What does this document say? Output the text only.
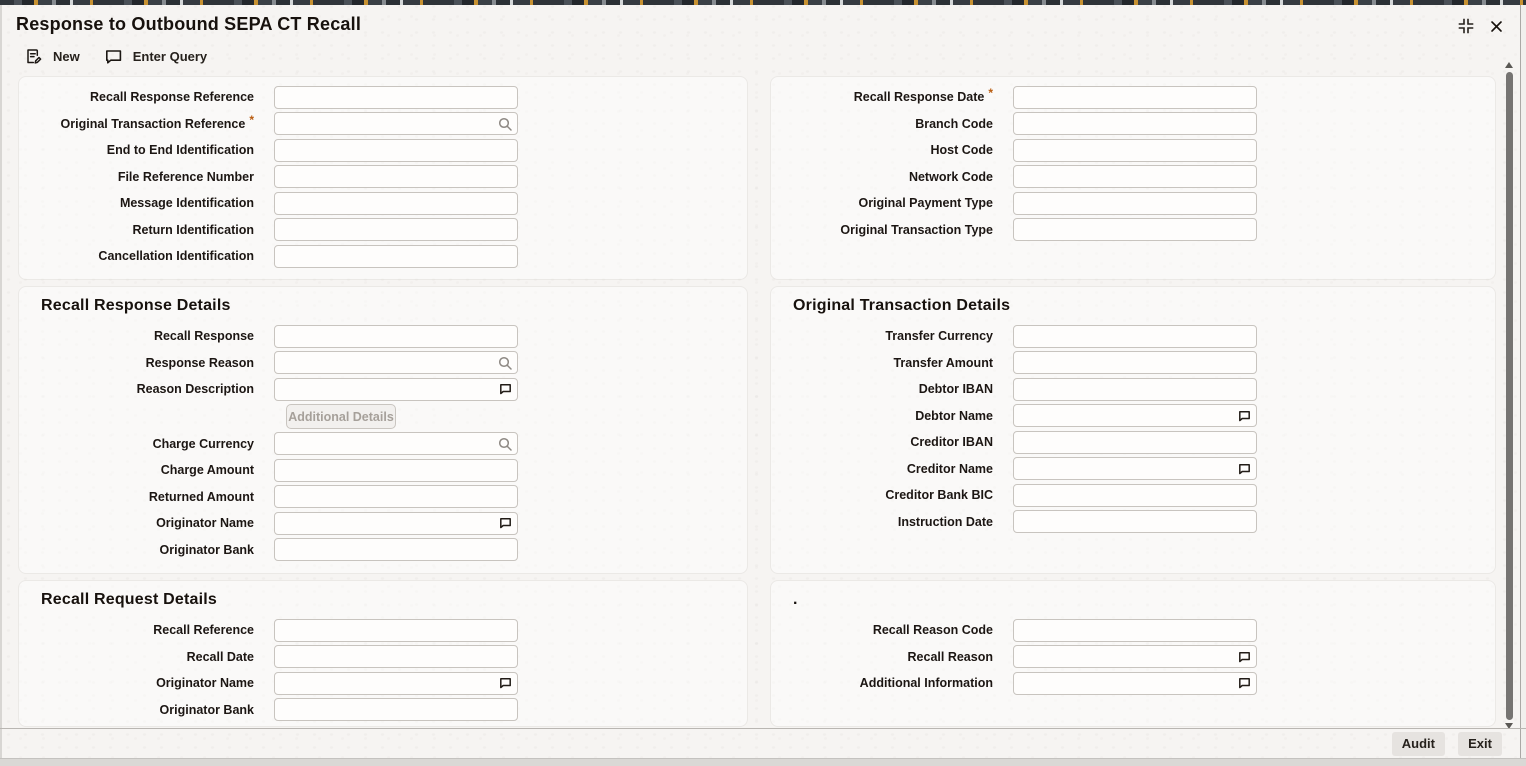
Response to Outbound SEPA CT Recall
New	Enter Query
Recall Response Reference
Original Transaction Reference *
End to End Identification
File Reference Number
Message Identification
Return Identification
Cancellation Identification
Recall Response Date *
Branch Code
Host Code
Network Code
Original Payment Type
Original Transaction Type
Recall Response Details
Recall Response
Response Reason
Reason Description
Additional Details
Charge Currency
Charge Amount
Returned Amount
Originator Name
Originator Bank
Original Transaction Details
Transfer Currency
Transfer Amount
Debtor IBAN
Debtor Name
Creditor IBAN
Creditor Name
Creditor Bank BIC
Instruction Date
Recall Request Details
Recall Reference
Recall Date
Originator Name
Originator Bank
.
Recall Reason Code
Recall Reason
Additional Information
Audit	Exit
